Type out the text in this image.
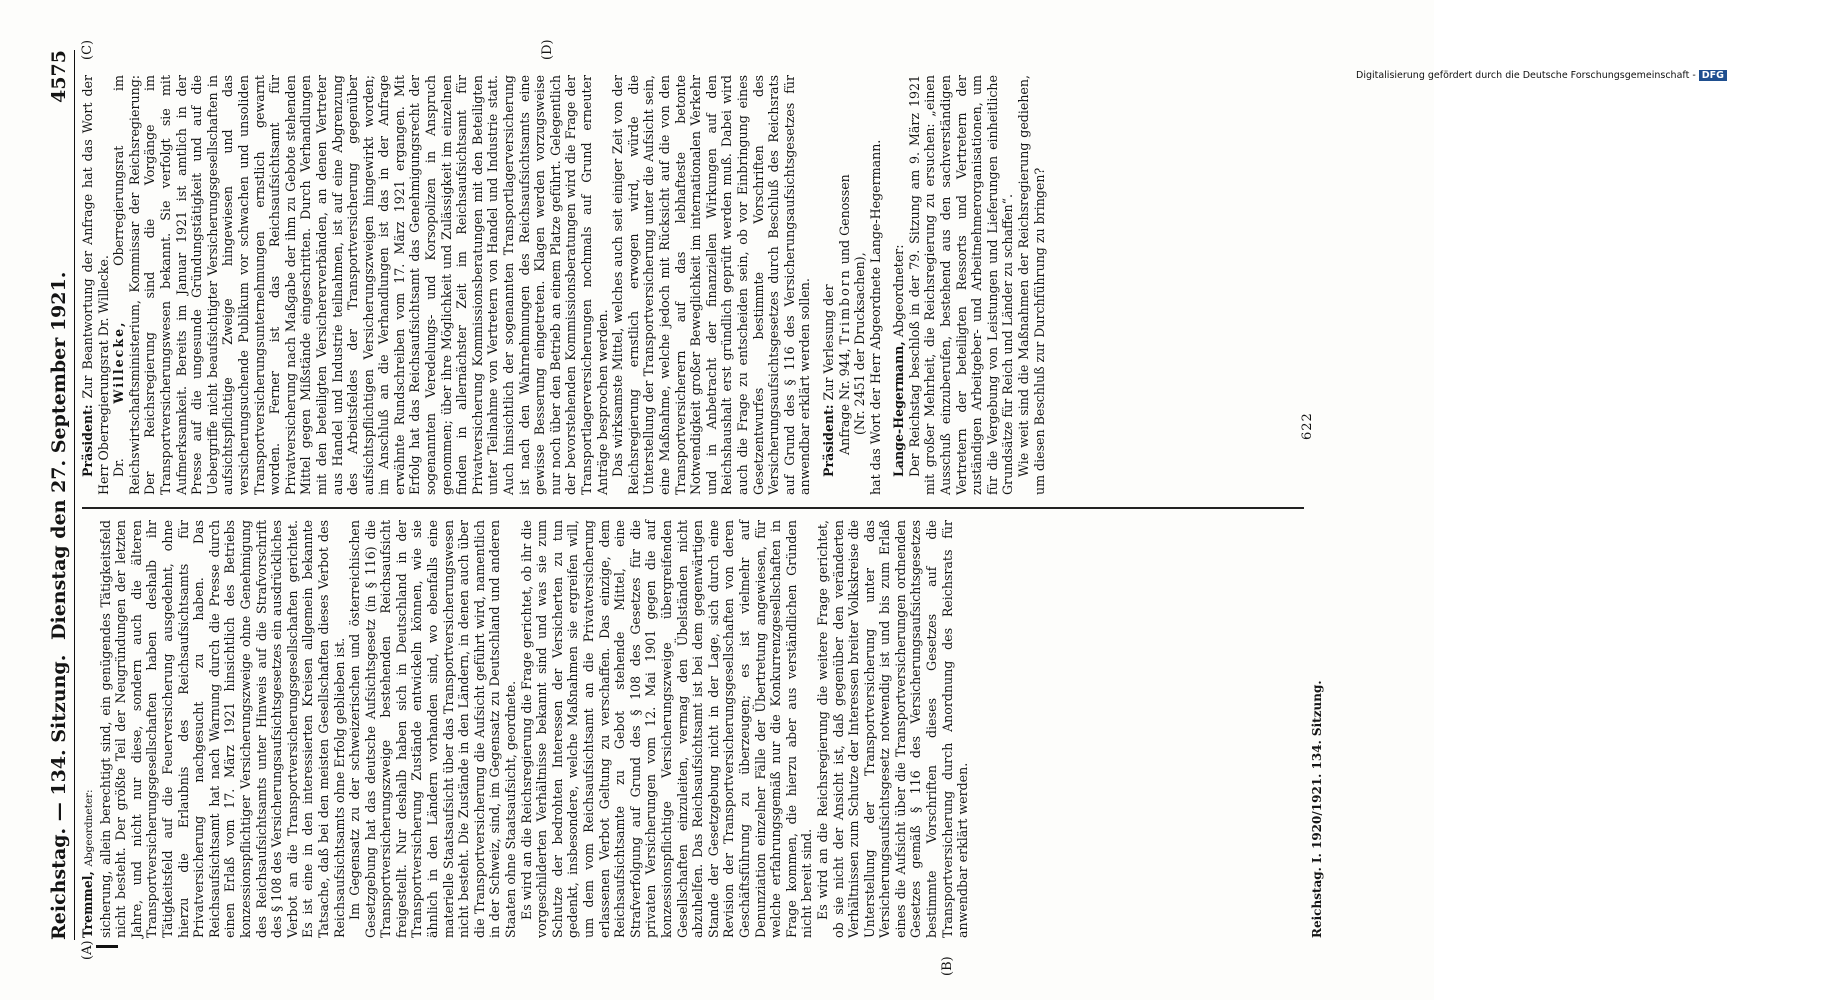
Reichstag. — 134. Sitzung.
Dienstag den 27. September 1921.
4575
(A)
(B)
(C)	(D)

Tremmel, Abgeordneter: sicherung, allein berechtigt sind, ein genügendes Tätigkeitsfeld nicht besteht. Der größte Teil der Neugründungen der letzten Jahre, und nicht nur diese, sondern auch die älteren Transportversicherungsgesellschaften haben deshalb ihr Tätigkeitsfeld auf die Feuerversicherung ausgedehnt, ohne hierzu die Erlaubnis des Reichsaufsichtsamts für Privatversicherung nachgesucht zu haben. Das Reichsaufsichtsamt hat nach Warnung durch die Presse durch einen Erlaß vom 17. März 1921 hinsichtlich des Betriebs konzessionspflichtiger Versicherungszweige ohne Genehmigung des Reichsaufsichtsamts unter Hinweis auf die Strafvorschrift des § 108 des Versicherungsaufsichtsgesetzes ein ausdrückliches Verbot an die Transportversicherungsgesellschaften gerichtet. Es ist eine in den interessierten Kreisen allgemein bekannte Tatsache, daß bei den meisten Gesellschaften dieses Verbot des Reichsaufsichtsamts ohne Erfolg geblieben ist. Im Gegensatz zu der schweizerischen und österreichischen Gesetzgebung hat das deutsche Aufsichtsgesetz (in § 116) die Transportversicherungszweige bestehenden Reichsaufsicht freigestellt. Nur deshalb haben sich in Deutschland in der Transportversicherung Zustände entwickeln können, wie sie ähnlich in den Ländern vorhanden sind, wo ebenfalls eine materielle Staatsaufsicht über das Transportversicherungswesen nicht besteht. Die Zustände in den Ländern, in denen auch über die Transportversicherung die Aufsicht geführt wird, namentlich in der Schweiz, sind, im Gegensatz zu Deutschland und anderen Staaten ohne Staatsaufsicht, geordnete. Es wird an die Reichsregierung die Frage gerichtet, ob ihr die vorgeschilderten Verhältnisse bekannt sind und was sie zum Schutze der bedrohten Interessen der Versicherten zu tun gedenkt, insbesondere, welche Maßnahmen sie ergreifen will, um dem vom Reichsaufsichtsamt an die Privatversicherung erlassenen Verbot Geltung zu verschaffen. Das einzige, dem Reichsaufsichtsamte zu Gebot stehende Mittel, eine Strafverfolgung auf Grund des § 108 des Gesetzes für die privaten Versicherungen vom 12. Mai 1901 gegen die auf konzessionspflichtige Versicherungszweige übergreifenden Gesellschaften einzuleiten, vermag den Übelständen nicht abzuhelfen. Das Reichsaufsichtsamt ist bei dem gegenwärtigen Stande der Gesetzgebung nicht in der Lage, sich durch eine Revision der Transportversicherungsgesellschaften von deren Geschäftsführung zu überzeugen; es ist vielmehr auf Denunziation einzelner Fälle der Übertretung angewiesen, für welche erfahrungsgemäß nur die Konkurrenzgesellschaften in Frage kommen, die hierzu aber aus verständlichen Gründen nicht bereit sind. Es wird an die Reichsregierung die weitere Frage gerichtet, ob sie nicht der Ansicht ist, daß gegenüber den veränderten Verhältnissen zum Schutze der Interessen breiter Volkskreise die Unterstellung der Transportversicherung unter das Versicherungsaufsichtsgesetz notwendig ist und bis zum Erlaß eines die Aufsicht über die Transportversicherungen ordnenden Gesetzes gemäß § 116 des Versicherungsaufsichtsgesetzes bestimmte Vorschriften dieses Gesetzes auf die Transportversicherung durch Anordnung des Reichsrats für anwendbar erklärt werden.

Präsident: Zur Beantwortung der Anfrage hat das Wort der Herr Oberregierungsrat Dr. Willecke. Dr. Willecke, Oberregierungsrat im Reichswirtschaftsministerium, Kommissar der Reichsregierung: Der Reichsregierung sind die Vorgänge im Transportversicherungswesen bekannt. Sie verfolgt sie mit Aufmerksamkeit. Bereits im Januar 1921 ist amtlich in der Presse auf die ungesunde Gründungstätigkeit und auf die Uebergriffe nicht beaufsichtigter Versicherungsgesellschaften in aufsichtspflichtige Zweige hingewiesen und das versicherungsuchende Publikum vor schwachen und unsoliden Transportversicherungsunternehmungen ernstlich gewarnt worden. Ferner ist das Reichsaufsichtsamt für Privatversicherung nach Maßgabe der ihm zu Gebote stehenden Mittel gegen Mißstände eingeschritten. Durch Verhandlungen mit den beteiligten Versichererverbänden, an denen Vertreter aus Handel und Industrie teilnahmen, ist auf eine Abgrenzung des Arbeitsfeldes der Transportversicherung gegenüber aufsichtspflichtigen Versicherungszweigen hingewirkt worden; im Anschluß an die Verhandlungen ist das in der Anfrage erwähnte Rundschreiben vom 17. März 1921 ergangen. Mit Erfolg hat das Reichsaufsichtsamt das Genehmigungsrecht der sogenannten Veredelungs- und Korsopolizen in Anspruch genommen; über ihre Möglichkeit und Zulässigkeit im einzelnen finden in allernächster Zeit im Reichsaufsichtsamt für Privatversicherung Kommissionsberatungen mit den Beteiligten unter Teilnahme von Vertretern von Handel und Industrie statt. Auch hinsichtlich der sogenannten Transportlagerversicherung ist nach den Wahrnehmungen des Reichsaufsichtsamts eine gewisse Besserung eingetreten. Klagen werden vorzugsweise nur noch über den Betrieb an einem Platze geführt. Gelegentlich der bevorstehenden Kommissionsberatungen wird die Frage der Transportlagerversicherungen nochmals auf Grund erneuter Anträge besprochen werden. Das wirksamste Mittel, welches auch seit einiger Zeit von der Reichsregierung ernstlich erwogen wird, würde die Unterstellung der Transportversicherung unter die Aufsicht sein, eine Maßnahme, welche jedoch mit Rücksicht auf die von den Transportversicherern auf das lebhafteste betonte Notwendigkeit großer Beweglichkeit im internationalen Verkehr und in Anbetracht der finanziellen Wirkungen auf den Reichshaushalt erst gründlich geprüft werden muß. Dabei wird auch die Frage zu entscheiden sein, ob vor Einbringung eines Gesetzentwurfes bestimmte Vorschriften des Versicherungsaufsichtsgesetzes durch Beschluß des Reichsrats auf Grund des § 116 des Versicherungsaufsichtsgesetzes für anwendbar erklärt werden sollen. Präsident: Zur Verlesung der Anfrage Nr. 944, Trimborn und Genossen

(Nr. 2451 der Drucksachen), hat das Wort der Herr Abgeordnete Lange-Hegermann. Lange-Hegermann, Abgeordneter: Der Reichstag beschloß in der 79. Sitzung am 9. März 1921 mit großer Mehrheit, die Reichsregierung zu ersuchen: „einen Ausschuß einzuberufen, bestehend aus den sachverständigen Vertretern der beteiligten Ressorts und Vertretern der zuständigen Arbeitgeber- und Arbeitnehmerorganisationen, um für die Vergebung von Leistungen und Lieferungen einheitliche Grundsätze für Reich und Länder zu schaffen“. Wie weit sind die Maßnahmen der Reichsregierung gediehen, um diesen Beschluß zur Durchführung zu bringen?

Reichstag. I. 1920/1921. 134. Sitzung.
622
Digitalisierung gefördert durch die Deutsche Forschungsgemeinschaft - DFG
